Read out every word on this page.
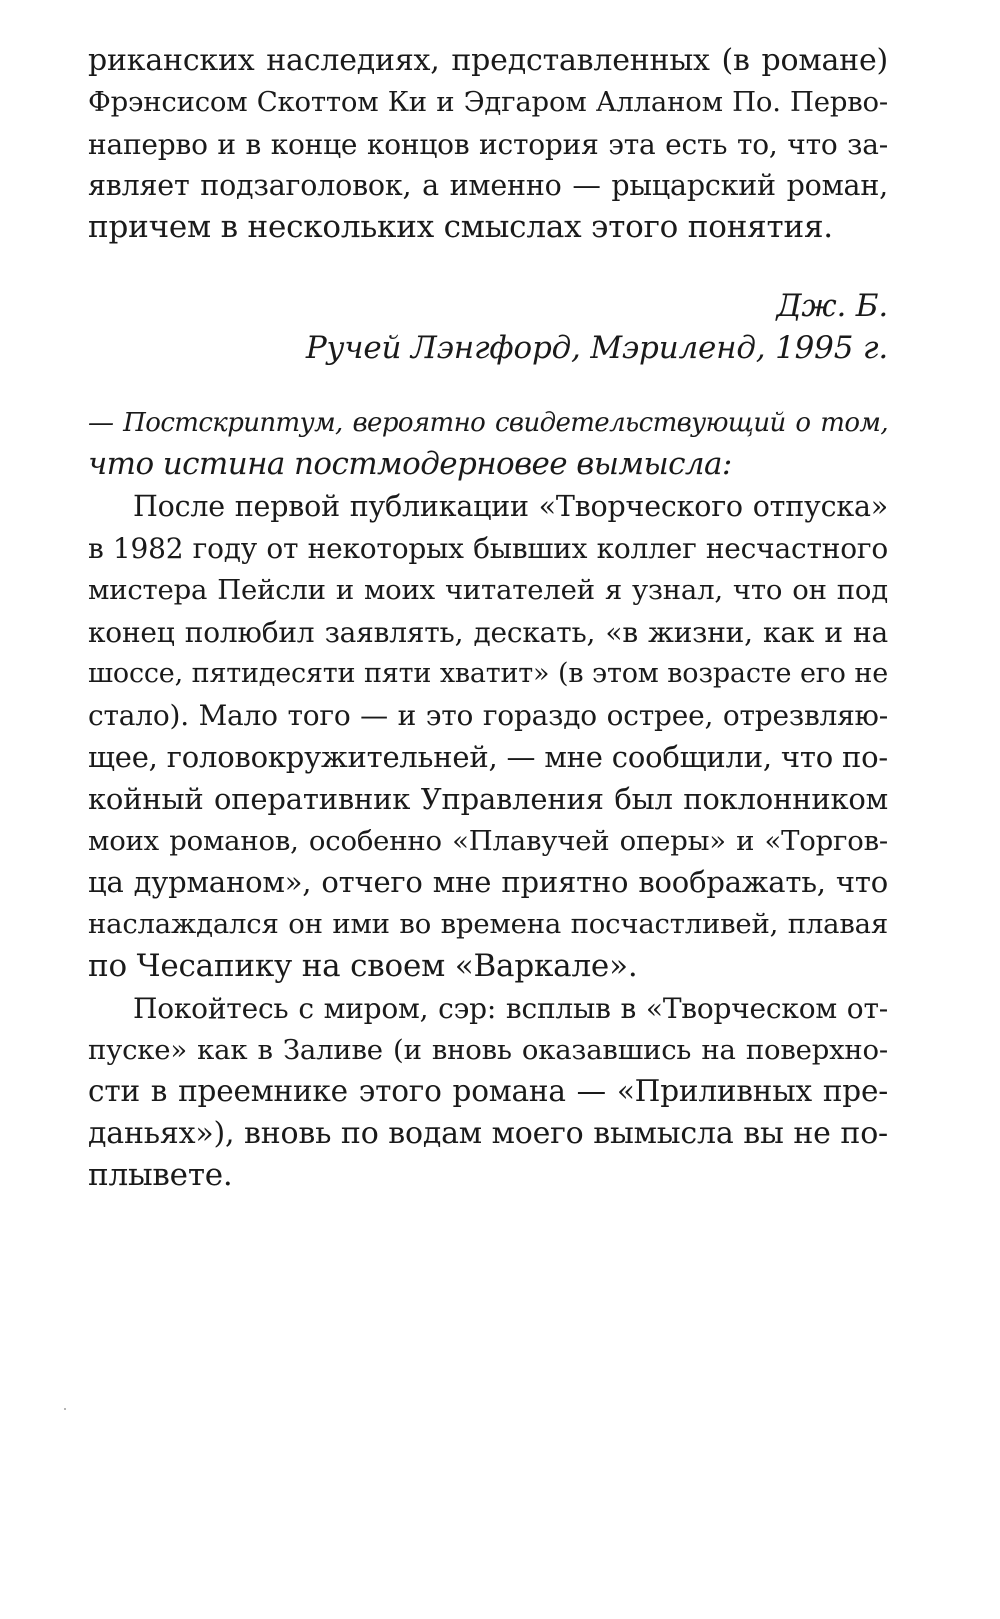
риканских наследиях, представленных (в романе)
Фрэнсисом Скоттом Ки и Эдгаром Алланом По. Перво-
наперво и в конце концов история эта есть то, что за-
являет подзаголовок, а именно — рыцарский роман,
причем в нескольких смыслах этого понятия.
Дж. Б.
Ручей Лэнгфорд, Мэриленд, 1995 г.
— Постскриптум, вероятно свидетельствующий о том,
что истина постмодерновее вымысла:
После первой публикации «Творческого отпуска»
в 1982 году от некоторых бывших коллег несчастного
мистера Пейсли и моих читателей я узнал, что он под
конец полюбил заявлять, дескать, «в жизни, как и на
шоссе, пятидесяти пяти хватит» (в этом возрасте его не
стало). Мало того — и это гораздо острее, отрезвляю-
щее, головокружительней, — мне сообщили, что по-
койный оперативник Управления был поклонником
моих романов, особенно «Плавучей оперы» и «Торгов-
ца дурманом», отчего мне приятно воображать, что
наслаждался он ими во времена посчастливей, плавая
по Чесапику на своем «Варкале».
Покойтесь с миром, сэр: всплыв в «Творческом от-
пуске» как в Заливе (и вновь оказавшись на поверхно-
сти в преемнике этого романа — «Приливных пре-
даньях»), вновь по водам моего вымысла вы не по-
плывете.
